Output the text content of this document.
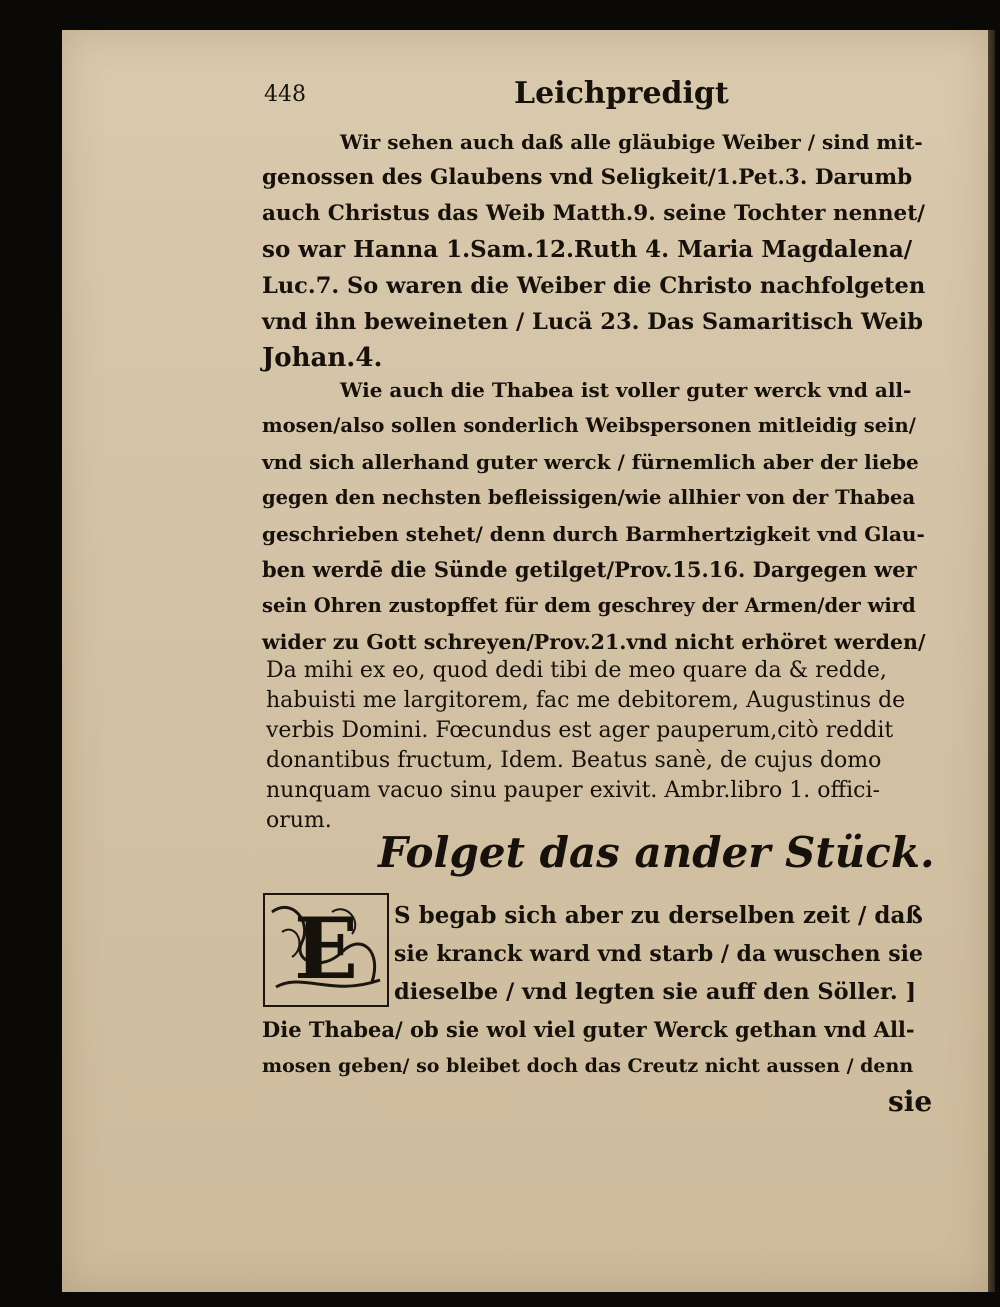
448	Leichpredigt
Wir sehen auch daß alle gläubige Weiber / sind mit-
genossen des Glaubens vnd Seligkeit/1.Pet.3. Darumb
auch Christus das Weib Matth.9. seine Tochter nennet/
so war Hanna 1.Sam.12.Ruth 4. Maria Magdalena/
Luc.7. So waren die Weiber die Christo nachfolgeten
vnd ihn beweineten / Lucä 23. Das Samaritisch Weib
Johan.4.
Wie auch die Thabea ist voller guter werck vnd all-
mosen/also sollen sonderlich Weibspersonen mitleidig sein/
vnd sich allerhand guter werck / fürnemlich aber der liebe
gegen den nechsten befleissigen/wie allhier von der Thabea
geschrieben stehet/ denn durch Barmhertzigkeit vnd Glau-
ben werdē die Sünde getilget/Prov.15.16. Dargegen wer
sein Ohren zustopffet für dem geschrey der Armen/der wird
wider zu Gott schreyen/Prov.21.vnd nicht erhöret werden/
Da mihi ex eo, quod dedi tibi de meo quare da & redde,
habuisti me largitorem, fac me debitorem, Augustinus de
verbis Domini. Fœcundus est ager pauperum,citò reddit
donantibus fructum, Idem. Beatus sanè, de cujus domo
nunquam vacuo sinu pauper exivit. Ambr.libro 1. offici-
orum.
Folget das ander Stück.
E S begab sich aber zu derselben zeit / daß
sie kranck ward vnd starb / da wuschen sie
dieselbe / vnd legten sie auff den Söller. ]
Die Thabea/ ob sie wol viel guter Werck gethan vnd All-
mosen geben/ so bleibet doch das Creutz nicht aussen / denn
sie
